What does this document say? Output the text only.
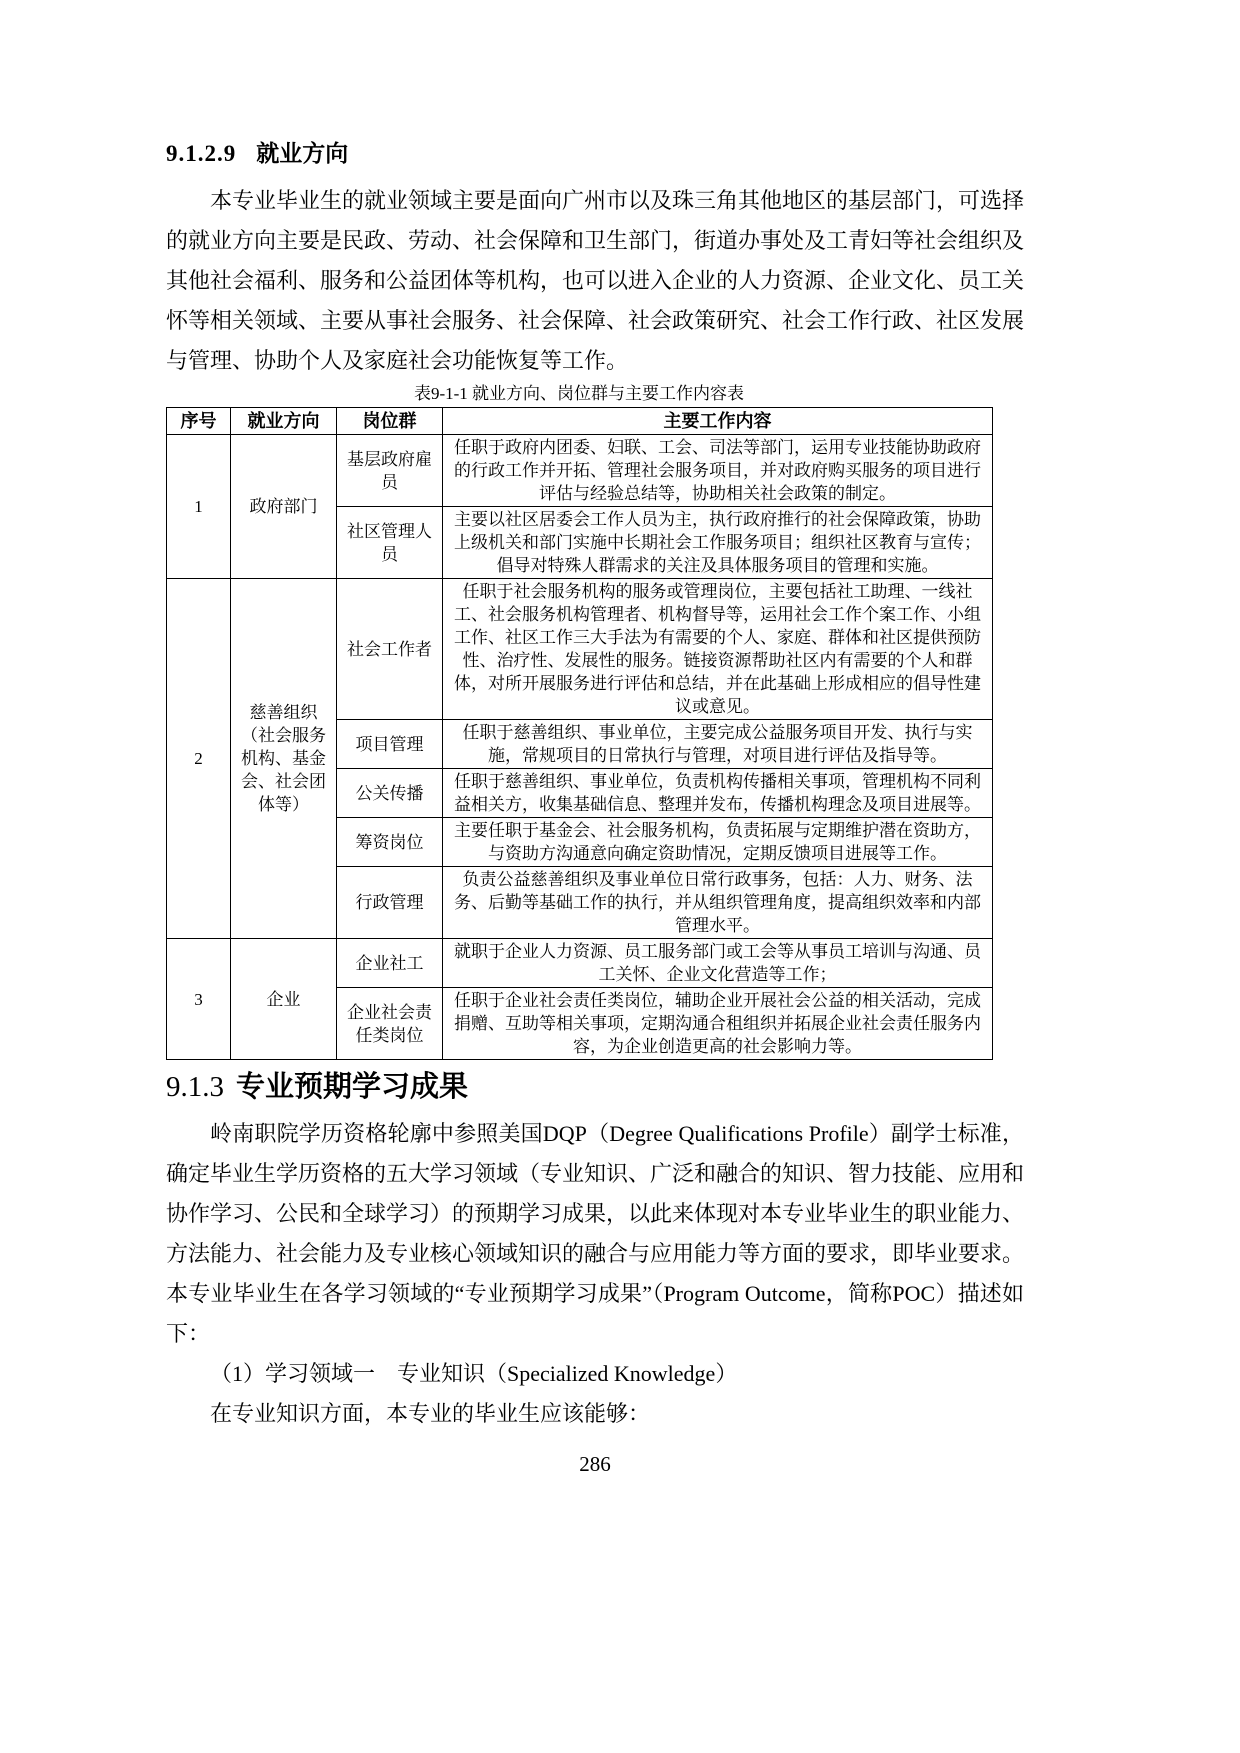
9.1.2.9 就业方向

本专业毕业生的就业领域主要是面向广州市以及珠三角其他地区的基层部门，可选择的就业方向主要是民政、劳动、社会保障和卫生部门，街道办事处及工青妇等社会组织及其他社会福利、服务和公益团体等机构，也可以进入企业的人力资源、企业文化、员工关怀等相关领域、主要从事社会服务、社会保障、社会政策研究、社会工作行政、社区发展与管理、协助个人及家庭社会功能恢复等工作。

表9-1-1 就业方向、岗位群与主要工作内容表
序号	就业方向	岗位群	主要工作内容
1	政府部门	基层政府雇员	任职于政府内团委、妇联、工会、司法等部门，运用专业技能协助政府的行政工作并开拓、管理社会服务项目，并对政府购买服务的项目进行评估与经验总结等，协助相关社会政策的制定。
		社区管理人员	主要以社区居委会工作人员为主，执行政府推行的社会保障政策，协助上级机关和部门实施中长期社会工作服务项目；组织社区教育与宣传；倡导对特殊人群需求的关注及具体服务项目的管理和实施。
2	慈善组织（社会服务机构、基金会、社会团体等）	社会工作者	任职于社会服务机构的服务或管理岗位，主要包括社工助理、一线社工、社会服务机构管理者、机构督导等，运用社会工作个案工作、小组工作、社区工作三大手法为有需要的个人、家庭、群体和社区提供预防性、治疗性、发展性的服务。链接资源帮助社区内有需要的个人和群体，对所开展服务进行评估和总结，并在此基础上形成相应的倡导性建议或意见。
		项目管理	任职于慈善组织、事业单位，主要完成公益服务项目开发、执行与实施，常规项目的日常执行与管理，对项目进行评估及指导等。
		公关传播	任职于慈善组织、事业单位，负责机构传播相关事项，管理机构不同利益相关方，收集基础信息、整理并发布，传播机构理念及项目进展等。
		筹资岗位	主要任职于基金会、社会服务机构，负责拓展与定期维护潜在资助方，与资助方沟通意向确定资助情况，定期反馈项目进展等工作。
		行政管理	负责公益慈善组织及事业单位日常行政事务，包括：人力、财务、法务、后勤等基础工作的执行，并从组织管理角度，提高组织效率和内部管理水平。
3	企业	企业社工	就职于企业人力资源、员工服务部门或工会等从事员工培训与沟通、员工关怀、企业文化营造等工作；
		企业社会责任类岗位	任职于企业社会责任类岗位，辅助企业开展社会公益的相关活动，完成捐赠、互助等相关事项，定期沟通合租组织并拓展企业社会责任服务内容，为企业创造更高的社会影响力等。
9.1.3 专业预期学习成果

岭南职院学历资格轮廓中参照美国DQP（Degree Qualifications Profile）副学士标准，确定毕业生学历资格的五大学习领域（专业知识、广泛和融合的知识、智力技能、应用和协作学习、公民和全球学习）的预期学习成果，以此来体现对本专业毕业生的职业能力、方法能力、社会能力及专业核心领域知识的融合与应用能力等方面的要求，即毕业要求。本专业毕业生在各学习领域的“专业预期学习成果”（Program Outcome，简称POC）描述如下：

（1）学习领域一　专业知识（Specialized Knowledge）

在专业知识方面，本专业的毕业生应该能够：

286
